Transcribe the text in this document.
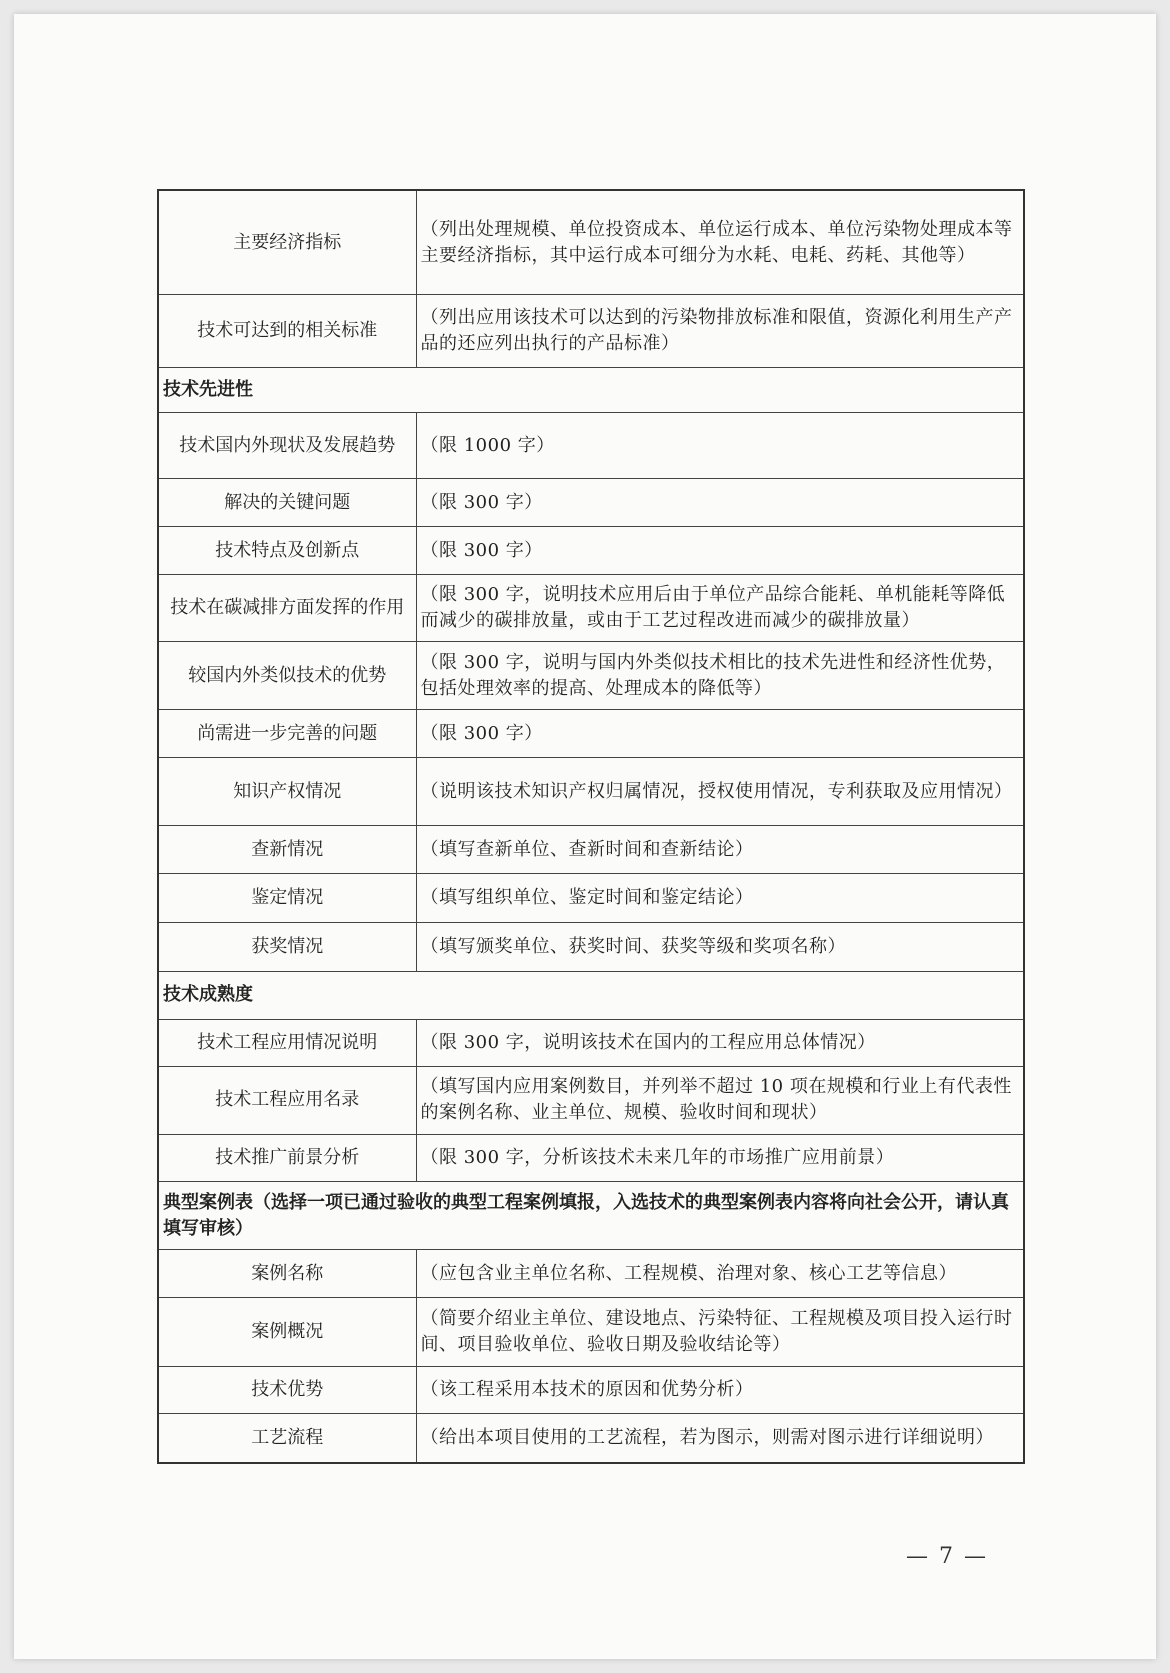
主要经济指标	（列出处理规模、单位投资成本、单位运行成本、单位污染物处理成本等主要经济指标，其中运行成本可细分为水耗、电耗、药耗、其他等）
技术可达到的相关标准	（列出应用该技术可以达到的污染物排放标准和限值，资源化利用生产产品的还应列出执行的产品标准）
技术先进性	
技术国内外现状及发展趋势	（限 1000 字）
解决的关键问题	（限 300 字）
技术特点及创新点	（限 300 字）
技术在碳减排方面发挥的作用	（限 300 字，说明技术应用后由于单位产品综合能耗、单机能耗等降低而减少的碳排放量，或由于工艺过程改进而减少的碳排放量）
较国内外类似技术的优势	（限 300 字，说明与国内外类似技术相比的技术先进性和经济性优势，包括处理效率的提高、处理成本的降低等）
尚需进一步完善的问题	（限 300 字）
知识产权情况	（说明该技术知识产权归属情况，授权使用情况，专利获取及应用情况）
查新情况	（填写查新单位、查新时间和查新结论）
鉴定情况	（填写组织单位、鉴定时间和鉴定结论）
获奖情况	（填写颁奖单位、获奖时间、获奖等级和奖项名称）
技术成熟度	
技术工程应用情况说明	（限 300 字，说明该技术在国内的工程应用总体情况）
技术工程应用名录	（填写国内应用案例数目，并列举不超过 10 项在规模和行业上有代表性的案例名称、业主单位、规模、验收时间和现状）
技术推广前景分析	（限 300 字，分析该技术未来几年的市场推广应用前景）
典型案例表（选择一项已通过验收的典型工程案例填报，入选技术的典型案例表内容将向社会公开，请认真填写审核）	
案例名称	（应包含业主单位名称、工程规模、治理对象、核心工艺等信息）
案例概况	（简要介绍业主单位、建设地点、污染特征、工程规模及项目投入运行时间、项目验收单位、验收日期及验收结论等）
技术优势	（该工程采用本技术的原因和优势分析）
工艺流程	（给出本项目使用的工艺流程，若为图示，则需对图示进行详细说明）
— 7 —
